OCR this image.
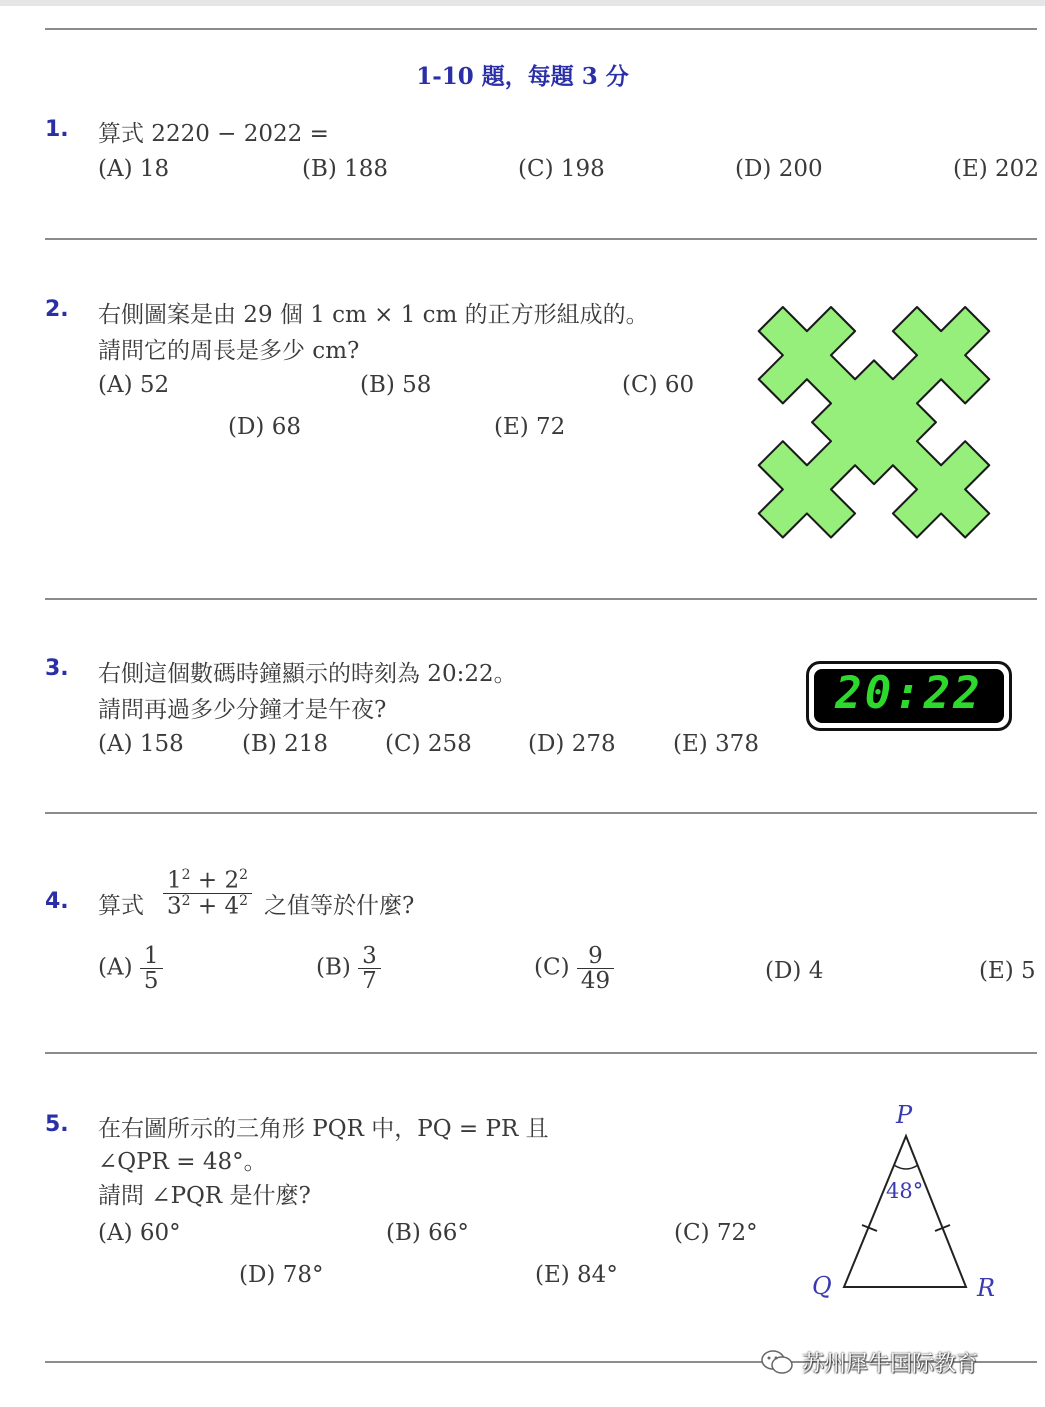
1-10 題，每題 3 分
1. 算式 2220 − 2022 =
(A) 18	(B) 188	(C) 198	(D) 200	(E) 202
2. 右側圖案是由 29 個 1 cm × 1 cm 的正方形組成的。
請問它的周長是多少 cm?
(A) 52	(B) 58	(C) 60
(D) 68	(E) 72
3. 右側這個數碼時鐘顯示的時刻為 20:22。
請問再過多少分鐘才是午夜?
(A) 158	(B) 218 (C) 258 (D) 278 (E) 378
20:22
4. 算式 $\frac{1^2 + 2^2}{3^2 + 4^2}$ 之值等於什麼?
$(A) \frac{1}{5}$	$(B) \frac{3}{7}$	$(C) \frac{9}{49}$	(D) 4	(E) 5
5. 在右圖所示的三角形 PQR 中，PQ = PR 且
∠QPR = 48°。
請問 ∠PQR 是什麼?
(A) 60°	(B) 66°	(C) 72°
(D) 78°	(E) 84°
P
Q	R
48°
苏州犀牛国际教育
